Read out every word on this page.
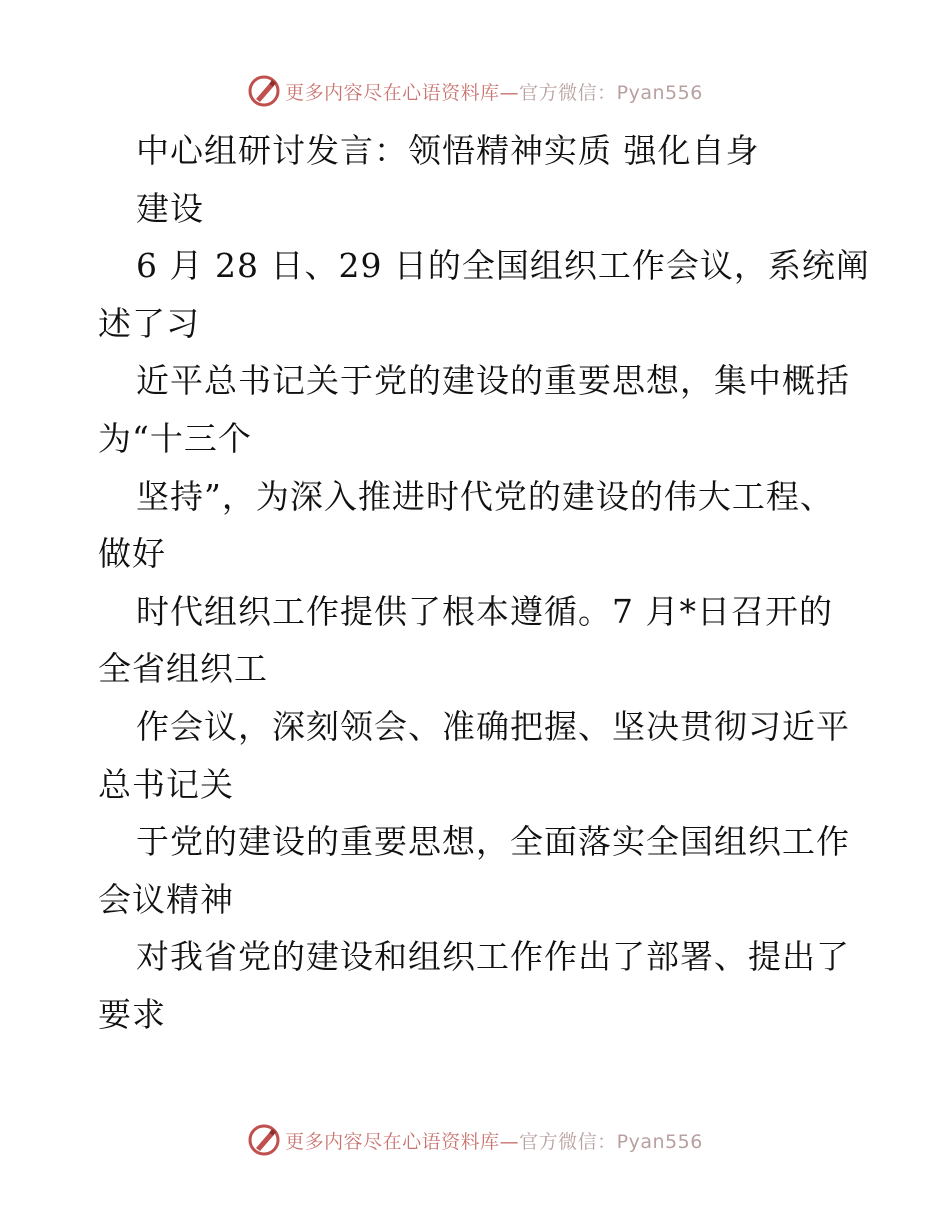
更多内容尽在心语资料库—官方微信：Pyan556
中心组研讨发言：领悟精神实质 强化自身
建设
6 月 28 日、29 日的全国组织工作会议，系统阐
述了习
近平总书记关于党的建设的重要思想，集中概括
为“十三个
坚持”，为深入推进时代党的建设的伟大工程、
做好
时代组织工作提供了根本遵循。7 月*日召开的
全省组织工
作会议，深刻领会、准确把握、坚决贯彻习近平
总书记关
于党的建设的重要思想，全面落实全国组织工作
会议精神
对我省党的建设和组织工作作出了部署、提出了
要求
更多内容尽在心语资料库—官方微信：Pyan556
